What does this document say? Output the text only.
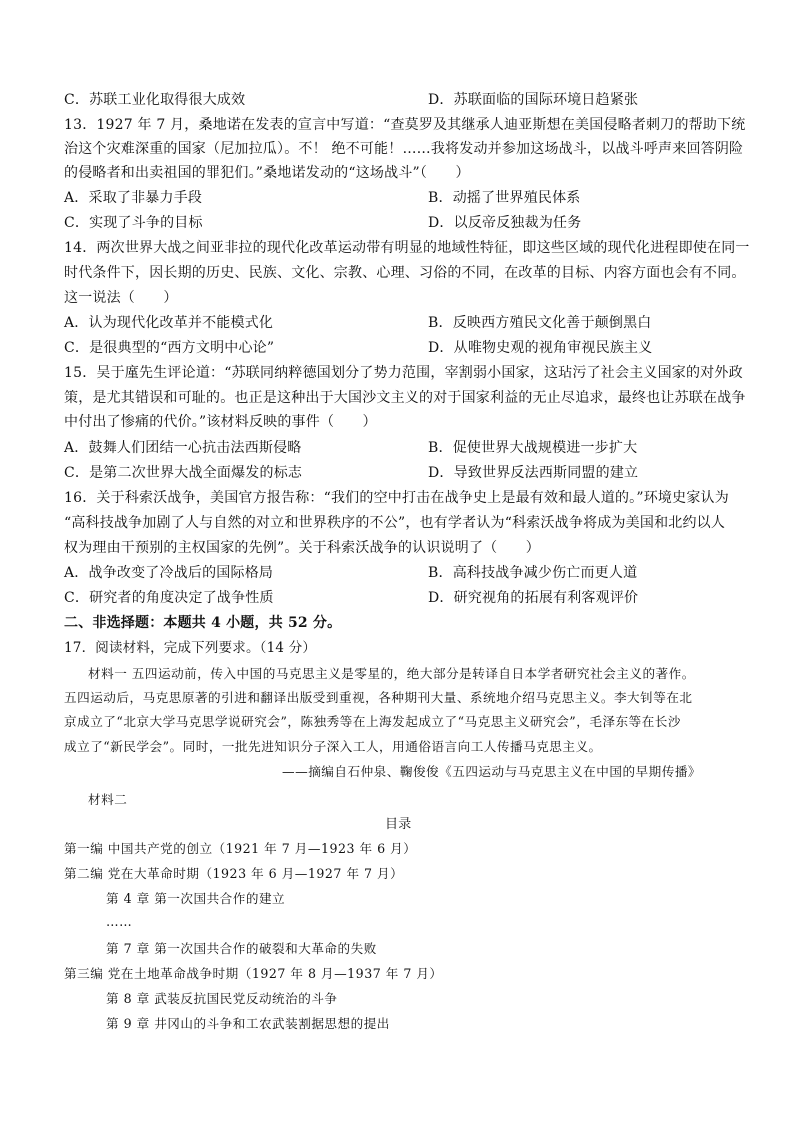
C．苏联工业化取得很大成效	D．苏联面临的国际环境日趋紧张
13．1927 年 7 月，桑地诺在发表的宣言中写道：“查莫罗及其继承人迪亚斯想在美国侵略者刺刀的帮助下统
治这个灾难深重的国家（尼加拉瓜）。不！ 绝不可能！……我将发动并参加这场战斗，以战斗呼声来回答阴险
的侵略者和出卖祖国的罪犯们。”桑地诺发动的“这场战斗”（　　）
A．采取了非暴力手段	B．动摇了世界殖民体系
C．实现了斗争的目标	D．以反帝反独裁为任务
14．两次世界大战之间亚非拉的现代化改革运动带有明显的地域性特征，即这些区域的现代化进程即使在同一
时代条件下，因长期的历史、民族、文化、宗教、心理、习俗的不同，在改革的目标、内容方面也会有不同。
这一说法（　　）
A．认为现代化改革并不能模式化	B．反映西方殖民文化善于颠倒黑白
C．是很典型的“西方文明中心论”	D．从唯物史观的视角审视民族主义
15．吴于廑先生评论道：“苏联同纳粹德国划分了势力范围，宰割弱小国家，这玷污了社会主义国家的对外政
策，是尤其错误和可耻的。也正是这种出于大国沙文主义的对于国家利益的无止尽追求，最终也让苏联在战争
中付出了惨痛的代价。”该材料反映的事件（　　）
A．鼓舞人们团结一心抗击法西斯侵略	B．促使世界大战规模进一步扩大
C．是第二次世界大战全面爆发的标志	D．导致世界反法西斯同盟的建立
16．关于科索沃战争，美国官方报告称：“我们的空中打击在战争史上是最有效和最人道的。”环境史家认为
“高科技战争加剧了人与自然的对立和世界秩序的不公”，也有学者认为“科索沃战争将成为美国和北约以人
权为理由干预别的主权国家的先例”。关于科索沃战争的认识说明了（　　）
A．战争改变了冷战后的国际格局	B．高科技战争减少伤亡而更人道
C．研究者的角度决定了战争性质	D．研究视角的拓展有利客观评价
二、非选择题：本题共 4 小题，共 52 分。
17．阅读材料，完成下列要求。（14 分）
材料一 五四运动前，传入中国的马克思主义是零星的，绝大部分是转译自日本学者研究社会主义的著作。
五四运动后，马克思原著的引进和翻译出版受到重视，各种期刊大量、系统地介绍马克思主义。李大钊等在北
京成立了“北京大学马克思学说研究会”，陈独秀等在上海发起成立了“马克思主义研究会”，毛泽东等在长沙
成立了“新民学会”。同时，一批先进知识分子深入工人，用通俗语言向工人传播马克思主义。
——摘编自石仲泉、鞠俊俊《五四运动与马克思主义在中国的早期传播》
材料二
目录
第一编 中国共产党的创立（1921 年 7 月—1923 年 6 月）
第二编 党在大革命时期（1923 年 6 月—1927 年 7 月）
第 4 章 第一次国共合作的建立
……
第 7 章 第一次国共合作的破裂和大革命的失败
第三编 党在土地革命战争时期（1927 年 8 月—1937 年 7 月）
第 8 章 武装反抗国民党反动统治的斗争
第 9 章 井冈山的斗争和工农武装割据思想的提出
